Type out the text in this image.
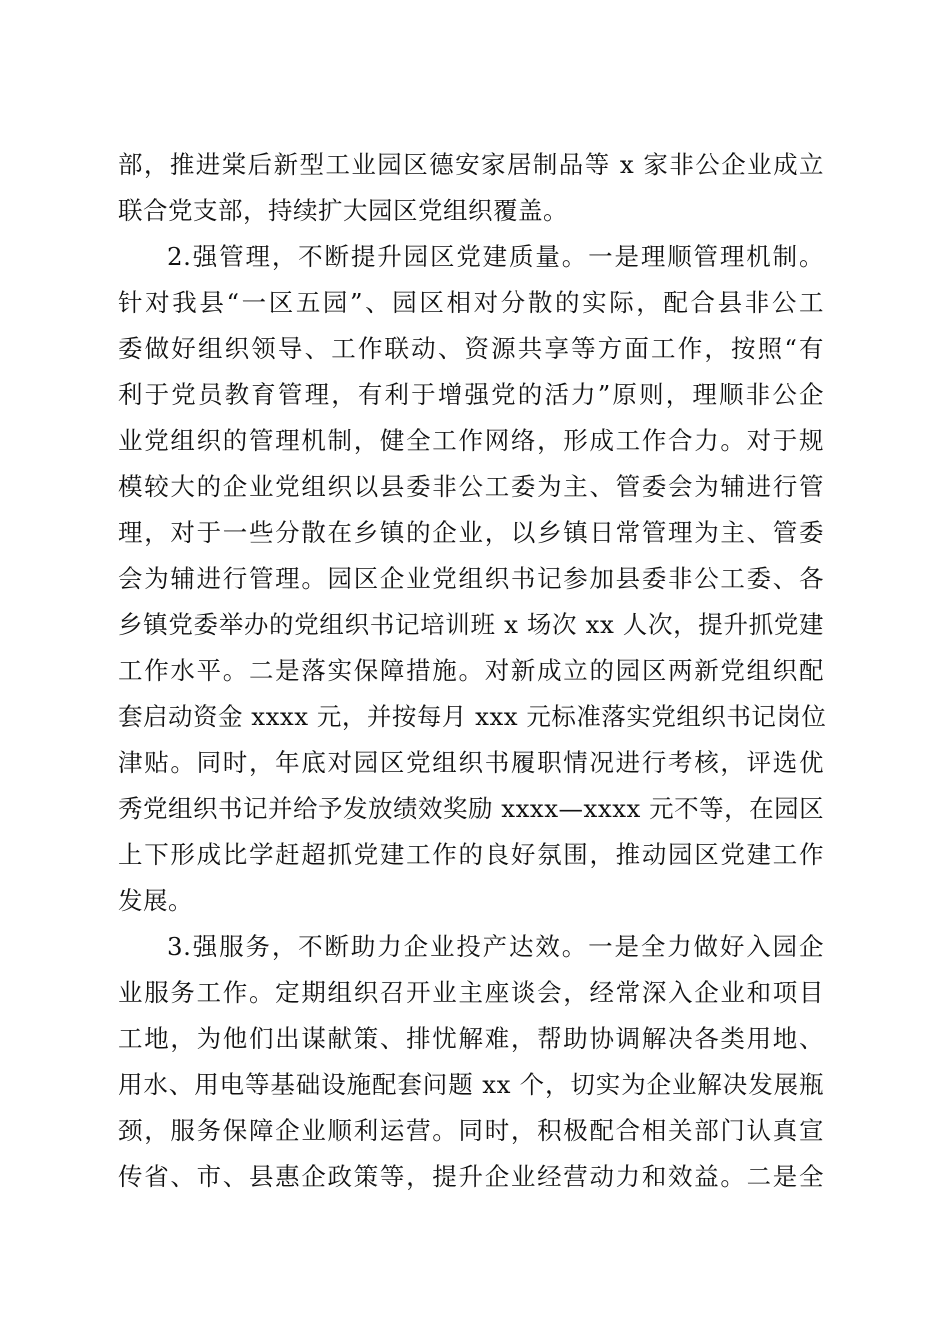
部，推进棠后新型工业园区德安家居制品等 x 家非公企业成立
联合党支部，持续扩大园区党组织覆盖。
2.强管理，不断提升园区党建质量。一是理顺管理机制。
针对我县“一区五园”、园区相对分散的实际，配合县非公工
委做好组织领导、工作联动、资源共享等方面工作，按照“有
利于党员教育管理，有利于增强党的活力”原则，理顺非公企
业党组织的管理机制，健全工作网络，形成工作合力。对于规
模较大的企业党组织以县委非公工委为主、管委会为辅进行管
理，对于一些分散在乡镇的企业，以乡镇日常管理为主、管委
会为辅进行管理。园区企业党组织书记参加县委非公工委、各
乡镇党委举办的党组织书记培训班 x 场次 xx 人次，提升抓党建
工作水平。二是落实保障措施。对新成立的园区两新党组织配
套启动资金 xxxx 元，并按每月 xxx 元标准落实党组织书记岗位
津贴。同时，年底对园区党组织书履职情况进行考核，评选优
秀党组织书记并给予发放绩效奖励 xxxx—xxxx 元不等，在园区
上下形成比学赶超抓党建工作的良好氛围，推动园区党建工作
发展。
3.强服务，不断助力企业投产达效。一是全力做好入园企
业服务工作。定期组织召开业主座谈会，经常深入企业和项目
工地，为他们出谋献策、排忧解难，帮助协调解决各类用地、
用水、用电等基础设施配套问题 xx 个，切实为企业解决发展瓶
颈，服务保障企业顺利运营。同时，积极配合相关部门认真宣
传省、市、县惠企政策等，提升企业经营动力和效益。二是全
